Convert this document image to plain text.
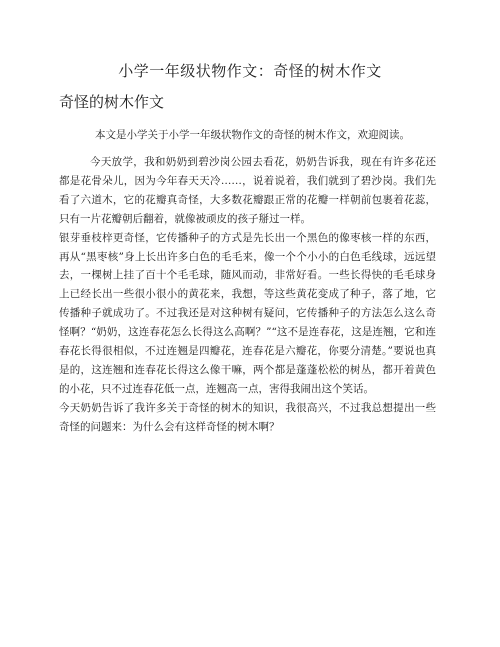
小学一年级状物作文：奇怪的树木作文
奇怪的树木作文

本文是小学关于小学一年级状物作文的奇怪的树木作文，欢迎阅读。

今天放学，我和奶奶到碧沙岗公园去看花，奶奶告诉我，现在有许多花还都是花骨朵儿，因为今年春天天冷……，说着说着，我们就到了碧沙岗。我们先看了六道木，它的花瓣真奇怪，大多数花瓣跟正常的花瓣一样朝前包裹着花蕊，只有一片花瓣朝后翻着，就像被顽皮的孩子掰过一样。

银芽垂枝梓更奇怪，它传播种子的方式是先长出一个黑色的像枣核一样的东西，再从“黑枣核”身上长出许多白色的毛毛来，像一个个小小的白色毛线球，远远望去，一棵树上挂了百十个毛毛球，随风而动，非常好看。一些长得快的毛毛球身上已经长出一些很小很小的黄花来，我想，等这些黄花变成了种子，落了地，它传播种子就成功了。不过我还是对这种树有疑问，它传播种子的方法怎么这么奇怪啊？“奶奶，这连春花怎么长得这么高啊？”“这不是连春花，这是连翘，它和连春花长得很相似，不过连翘是四瓣花，连春花是六瓣花，你要分清楚。”要说也真是的，这连翘和连春花长得这么像干嘛，两个都是蓬蓬松松的树丛，都开着黄色的小花，只不过连春花低一点，连翘高一点，害得我闹出这个笑话。

今天奶奶告诉了我许多关于奇怪的树木的知识，我很高兴，不过我总想提出一些奇怪的问题来：为什么会有这样奇怪的树木啊？
